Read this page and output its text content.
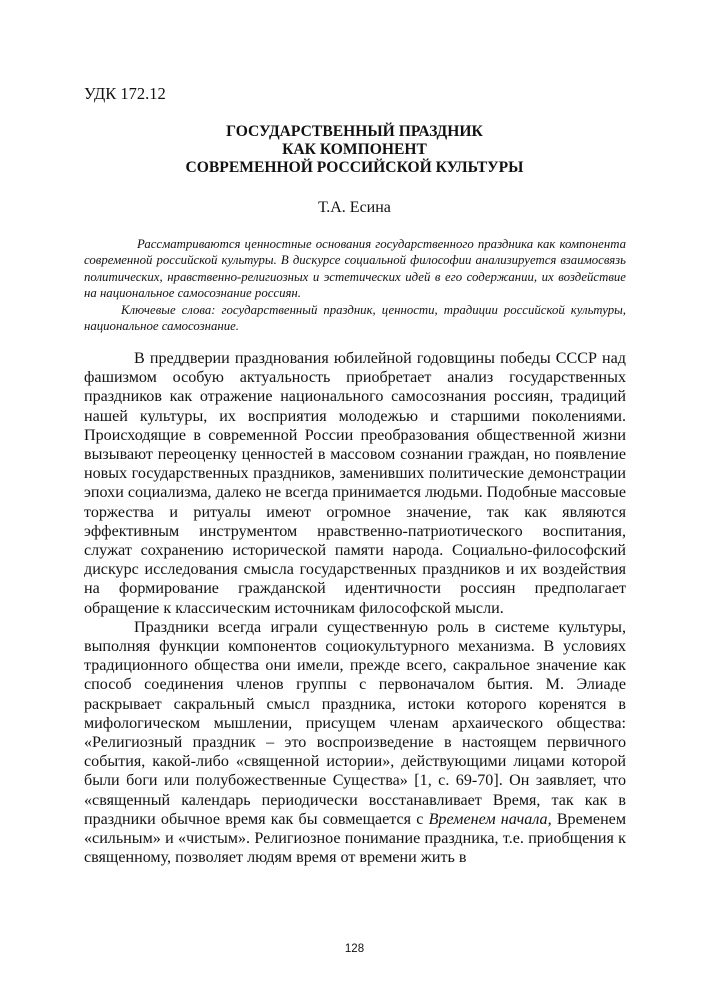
УДК 172.12
ГОСУДАРСТВЕННЫЙ ПРАЗДНИК
КАК КОМПОНЕНТ
СОВРЕМЕННОЙ РОССИЙСКОЙ КУЛЬТУРЫ
Т.А. Есина

Рассматриваются ценностные основания государственного праздника как компонента современной российской культуры. В дискурсе социальной философии анализируется взаимосвязь политических, нравственно-религиозных и эстетических идей в его содержании, их воздействие на национальное самосознание россиян.

Ключевые слова: государственный праздник, ценности, традиции российской культуры, национальное самосознание.

В преддверии празднования юбилейной годовщины победы СССР над фашизмом особую актуальность приобретает анализ государственных праздников как отражение национального самосознания россиян, традиций нашей культуры, их восприятия молодежью и старшими поколениями. Происходящие в современной России преобразования общественной жизни вызывают переоценку ценностей в массовом сознании граждан, но появление новых государственных праздников, заменивших политические демонстрации эпохи социализма, далеко не всегда принимается людьми. Подобные массовые торжества и ритуалы имеют огромное значение, так как являются эффективным инструментом нравственно-патриотического воспитания, служат сохранению исторической памяти народа. Социально-философский дискурс исследования смысла государственных праздников и их воздействия на формирование гражданской идентичности россиян предполагает обращение к классическим источникам философской мысли.

Праздники всегда играли существенную роль в системе культуры, выполняя функции компонентов социокультурного механизма. В условиях традиционного общества они имели, прежде всего, сакральное значение как способ соединения членов группы с первоначалом бытия. М. Элиаде раскрывает сакральный смысл праздника, истоки которого коренятся в мифологическом мышлении, присущем членам архаического общества: «Религиозный праздник – это воспроизведение в настоящем первичного события, какой-либо «священной истории», действующими лицами которой были боги или полубожественные Существа» [1, с. 69-70]. Он заявляет, что «священный календарь периодически восстанавливает Время, так как в праздники обычное время как бы совмещается с Временем начала, Временем «сильным» и «чистым». Религиозное понимание праздника, т.е. приобщения к священному, позволяет людям время от времени жить в

128
